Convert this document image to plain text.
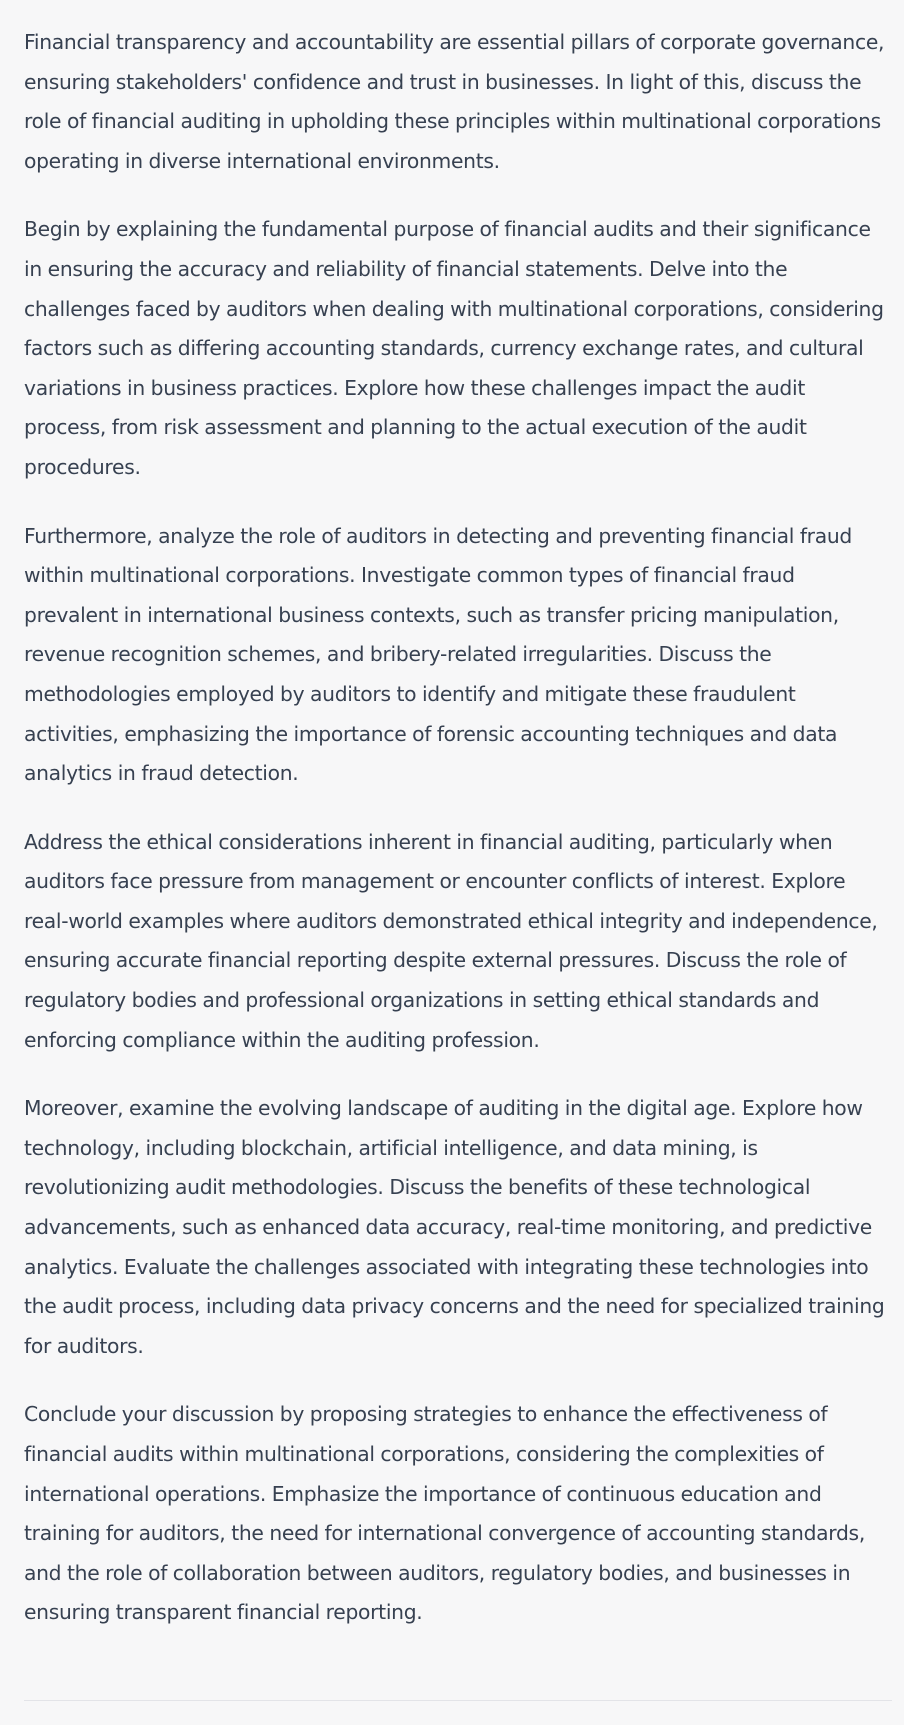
Financial transparency and accountability are essential pillars of corporate governance, ensuring stakeholders' confidence and trust in businesses. In light of this, discuss the role of financial auditing in upholding these principles within multinational corporations operating in diverse international environments.

Begin by explaining the fundamental purpose of financial audits and their significance in ensuring the accuracy and reliability of financial statements. Delve into the challenges faced by auditors when dealing with multinational corporations, considering factors such as differing accounting standards, currency exchange rates, and cultural variations in business practices. Explore how these challenges impact the audit process, from risk assessment and planning to the actual execution of the audit procedures.

Furthermore, analyze the role of auditors in detecting and preventing financial fraud within multinational corporations. Investigate common types of financial fraud prevalent in international business contexts, such as transfer pricing manipulation, revenue recognition schemes, and bribery-related irregularities. Discuss the methodologies employed by auditors to identify and mitigate these fraudulent activities, emphasizing the importance of forensic accounting techniques and data analytics in fraud detection.

Address the ethical considerations inherent in financial auditing, particularly when auditors face pressure from management or encounter conflicts of interest. Explore real-world examples where auditors demonstrated ethical integrity and independence, ensuring accurate financial reporting despite external pressures. Discuss the role of regulatory bodies and professional organizations in setting ethical standards and enforcing compliance within the auditing profession.

Moreover, examine the evolving landscape of auditing in the digital age. Explore how technology, including blockchain, artificial intelligence, and data mining, is revolutionizing audit methodologies. Discuss the benefits of these technological advancements, such as enhanced data accuracy, real-time monitoring, and predictive analytics. Evaluate the challenges associated with integrating these technologies into the audit process, including data privacy concerns and the need for specialized training for auditors.

Conclude your discussion by proposing strategies to enhance the effectiveness of financial audits within multinational corporations, considering the complexities of international operations. Emphasize the importance of continuous education and training for auditors, the need for international convergence of accounting standards, and the role of collaboration between auditors, regulatory bodies, and businesses in ensuring transparent financial reporting.
